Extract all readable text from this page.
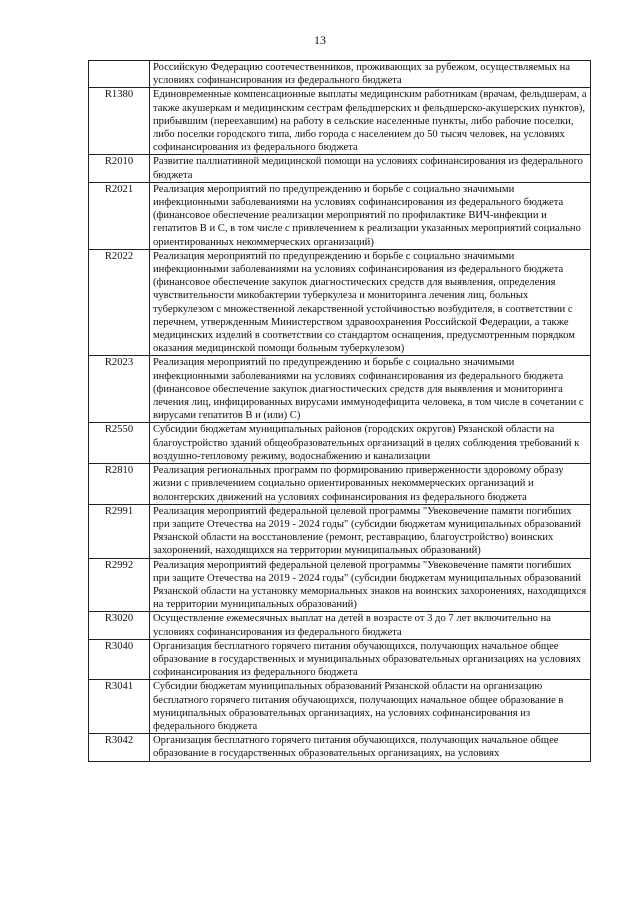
13
	Российскую Федерацию соотечественников, проживающих за рубежом, осуществляемых на условиях софинансирования из федерального бюджета
R1380	Единовременные компенсационные выплаты медицинским работникам (врачам, фельдшерам, а также акушеркам и медицинским сестрам фельдшерских и фельдшерско-акушерских пунктов), прибывшим (переехавшим) на работу в сельские населенные пункты, либо рабочие поселки, либо поселки городского типа, либо города с населением до 50 тысяч человек, на условиях софинансирования из федерального бюджета
R2010	Развитие паллиативной медицинской помощи на условиях софинансирования из федерального бюджета
R2021	Реализация мероприятий по предупреждению и борьбе с социально значимыми инфекционными заболеваниями на условиях софинансирования из федерального бюджета (финансовое обеспечение реализации мероприятий по профилактике ВИЧ-инфекции и гепатитов В и С, в том числе с привлечением к реализации указанных мероприятий социально ориентированных некоммерческих организаций)
R2022	Реализация мероприятий по предупреждению и борьбе с социально значимыми инфекционными заболеваниями на условиях софинансирования из федерального бюджета (финансовое обеспечение закупок диагностических средств для выявления, определения чувствительности микобактерии туберкулеза и мониторинга лечения лиц, больных туберкулезом с множественной лекарственной устойчивостью возбудителя, в соответствии с перечнем, утвержденным Министерством здравоохранения Российской Федерации, а также медицинских изделий в соответствии со стандартом оснащения, предусмотренным порядком оказания медицинской помощи больным туберкулезом)
R2023	Реализация мероприятий по предупреждению и борьбе с социально значимыми инфекционными заболеваниями на условиях софинансирования из федерального бюджета (финансовое обеспечение закупок диагностических средств для выявления и мониторинга лечения лиц, инфицированных вирусами иммунодефицита человека, в том числе в сочетании с вирусами гепатитов В и (или) С)
R2550	Субсидии бюджетам муниципальных районов (городских округов) Рязанской области на благоустройство зданий общеобразовательных организаций в целях соблюдения требований к воздушно-тепловому режиму, водоснабжению и канализации
R2810	Реализация региональных программ по формированию приверженности здоровому образу жизни с привлечением социально ориентированных некоммерческих организаций и волонтерских движений на условиях софинансирования из федерального бюджета
R2991	Реализация мероприятий федеральной целевой программы "Увековечение памяти погибших при защите Отечества на 2019 - 2024 годы" (субсидии бюджетам муниципальных образований Рязанской области на восстановление (ремонт, реставрацию, благоустройство) воинских захоронений, находящихся на территории муниципальных образований)
R2992	Реализация мероприятий федеральной целевой программы "Увековечение памяти погибших при защите Отечества на 2019 - 2024 годы" (субсидии бюджетам муниципальных образований Рязанской области на установку мемориальных знаков на воинских захоронениях, находящихся на территории муниципальных образований)
R3020	Осуществление ежемесячных выплат на детей в возрасте от 3 до 7 лет включительно на условиях софинансирования из федерального бюджета
R3040	Организация бесплатного горячего питания обучающихся, получающих начальное общее образование в государственных и муниципальных образовательных организациях на условиях софинансирования из федерального бюджета
R3041	Субсидии бюджетам муниципальных образований Рязанской области на организацию бесплатного горячего питания обучающихся, получающих начальное общее образование в муниципальных образовательных организациях, на условиях софинансирования из федерального бюджета
R3042	Организация бесплатного горячего питания обучающихся, получающих начальное общее образование в государственных образовательных организациях, на условиях
